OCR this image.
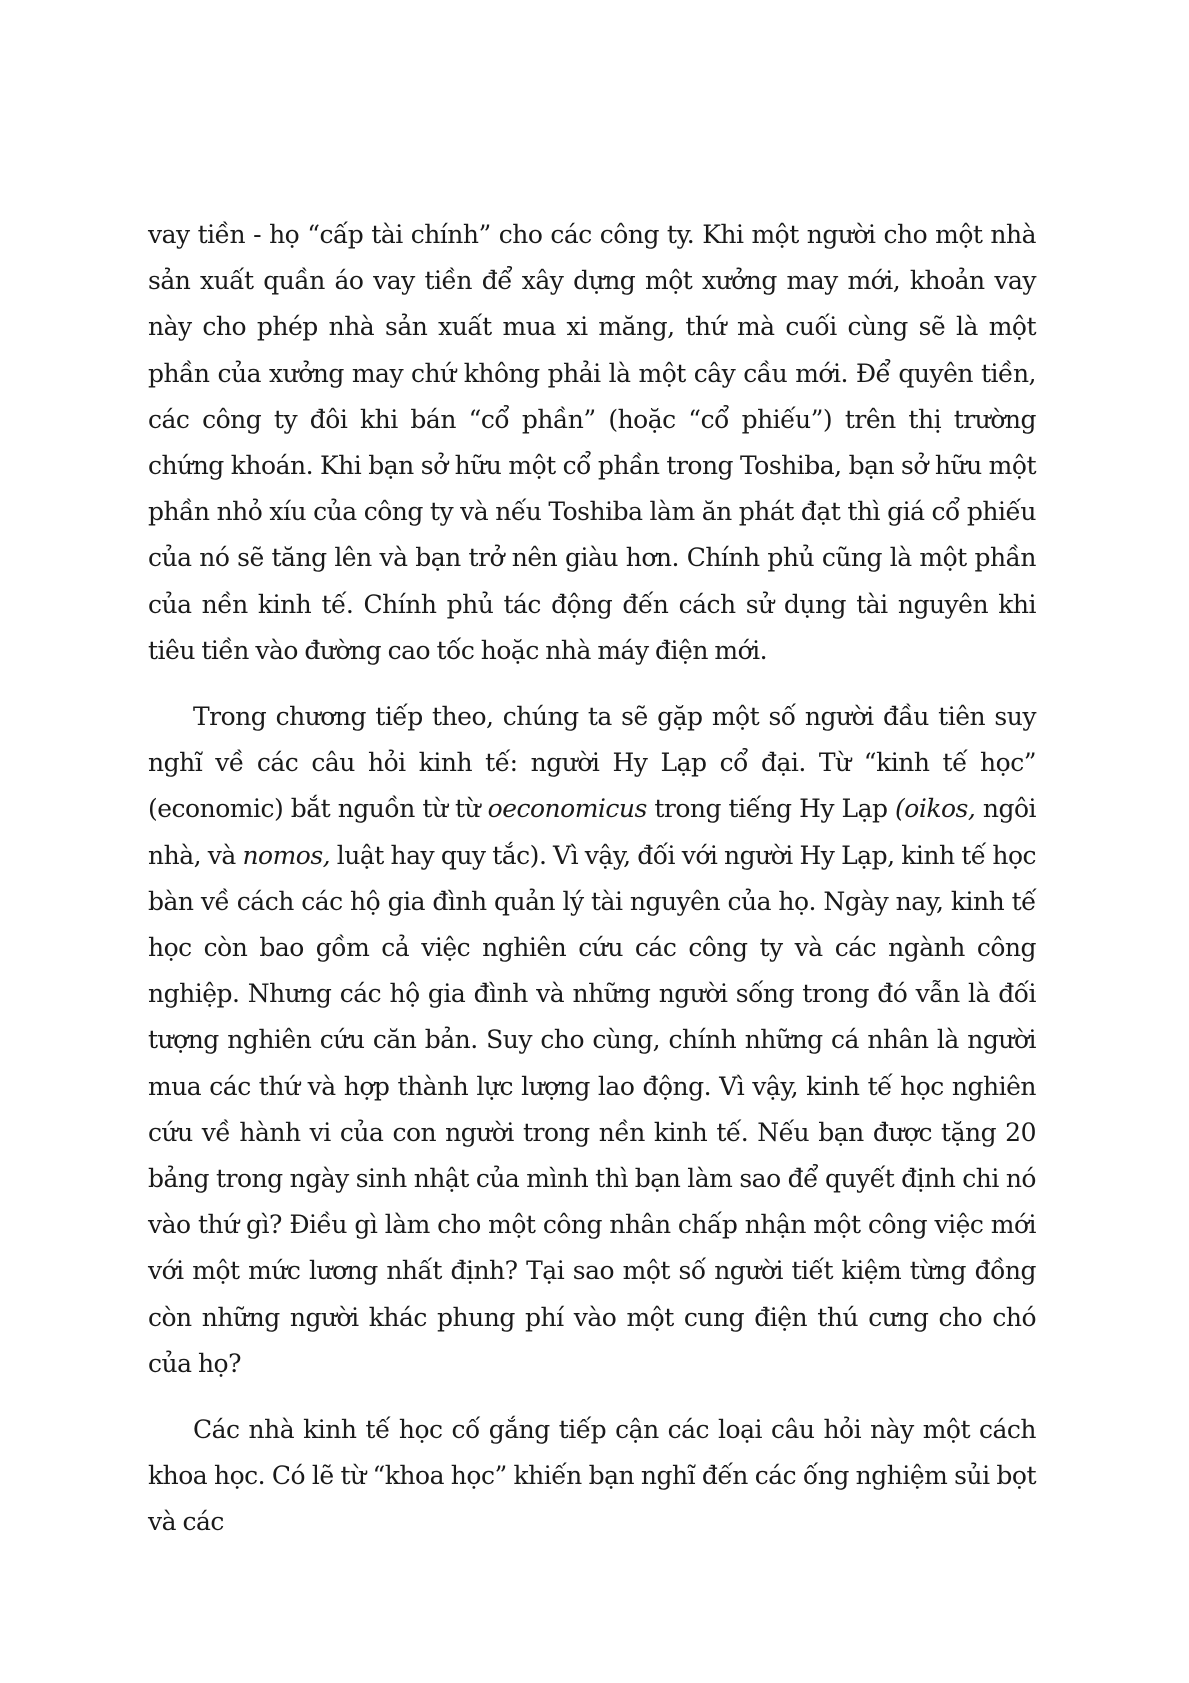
vay tiền - họ “cấp tài chính” cho các công ty. Khi một người cho một nhà sản xuất quần áo vay tiền để xây dựng một xưởng may mới, khoản vay này cho phép nhà sản xuất mua xi măng, thứ mà cuối cùng sẽ là một phần của xưởng may chứ không phải là một cây cầu mới. Để quyên tiền, các công ty đôi khi bán “cổ phần” (hoặc “cổ phiếu”) trên thị trường chứng khoán. Khi bạn sở hữu một cổ phần trong Toshiba, bạn sở hữu một phần nhỏ xíu của công ty và nếu Toshiba làm ăn phát đạt thì giá cổ phiếu của nó sẽ tăng lên và bạn trở nên giàu hơn. Chính phủ cũng là một phần của nền kinh tế. Chính phủ tác động đến cách sử dụng tài nguyên khi tiêu tiền vào đường cao tốc hoặc nhà máy điện mới.

Trong chương tiếp theo, chúng ta sẽ gặp một số người đầu tiên suy nghĩ về các câu hỏi kinh tế: người Hy Lạp cổ đại. Từ “kinh tế học” (economic) bắt nguồn từ từ oeconomicus trong tiếng Hy Lạp (oikos, ngôi nhà, và nomos, luật hay quy tắc). Vì vậy, đối với người Hy Lạp, kinh tế học bàn về cách các hộ gia đình quản lý tài nguyên của họ. Ngày nay, kinh tế học còn bao gồm cả việc nghiên cứu các công ty và các ngành công nghiệp. Nhưng các hộ gia đình và những người sống trong đó vẫn là đối tượng nghiên cứu căn bản. Suy cho cùng, chính những cá nhân là người mua các thứ và hợp thành lực lượng lao động. Vì vậy, kinh tế học nghiên cứu về hành vi của con người trong nền kinh tế. Nếu bạn được tặng 20 bảng trong ngày sinh nhật của mình thì bạn làm sao để quyết định chi nó vào thứ gì? Điều gì làm cho một công nhân chấp nhận một công việc mới với một mức lương nhất định? Tại sao một số người tiết kiệm từng đồng còn những người khác phung phí vào một cung điện thú cưng cho chó của họ?

Các nhà kinh tế học cố gắng tiếp cận các loại câu hỏi này một cách khoa học. Có lẽ từ “khoa học” khiến bạn nghĩ đến các ống nghiệm sủi bọt và các
